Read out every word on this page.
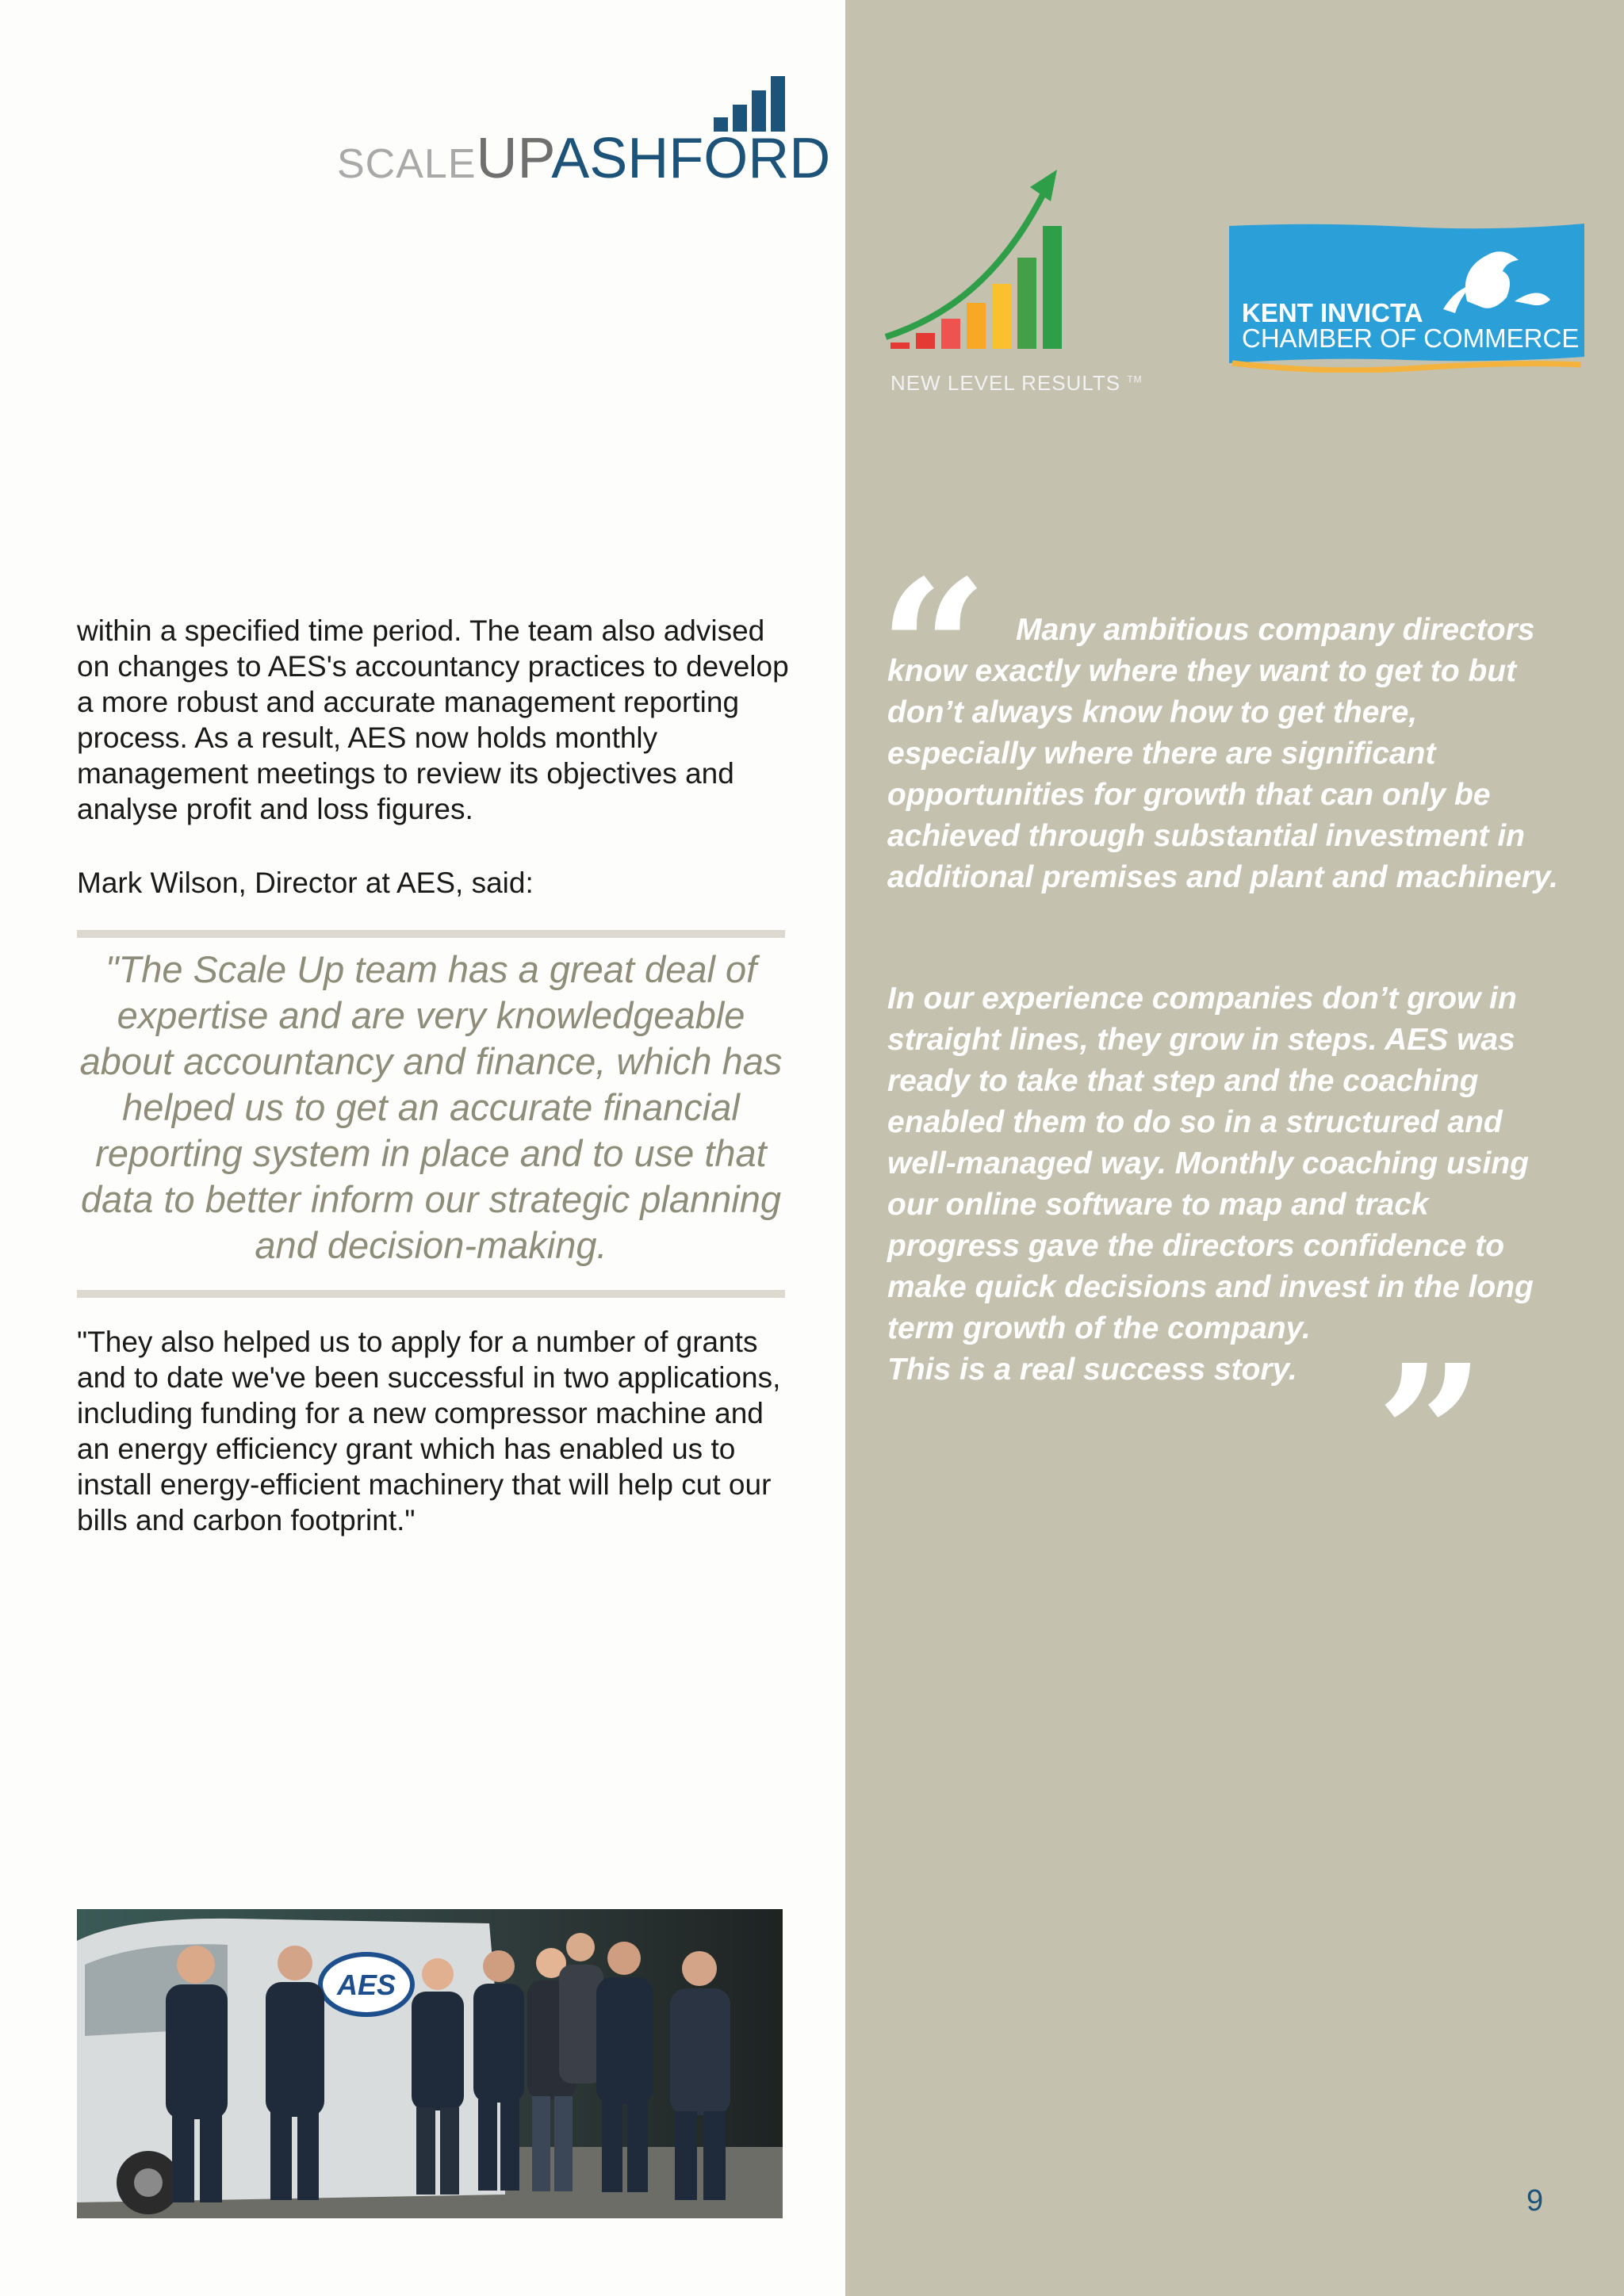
SCALEUPASHFORD
NEW LEVEL RESULTS ™
KENT INVICTA
CHAMBER OF COMMERCE

within a specified time period. The team also advised on changes to AES's accountancy practices to develop a more robust and accurate management reporting process. As a result, AES now holds monthly management meetings to review its objectives and analyse profit and loss figures.

Mark Wilson, Director at AES, said:

"The Scale Up team has a great deal of expertise and are very knowledgeable about accountancy and finance, which has helped us to get an accurate financial reporting system in place and to use that data to better inform our strategic planning and decision-making.

"They also helped us to apply for a number of grants and to date we've been successful in two applications, including funding for a new compressor machine and an energy efficiency grant which has enabled us to install energy-efficient machinery that will help cut our bills and carbon footprint."

“ Many ambitious company directors know exactly where they want to get to but don’t always know how to get there, especially where there are significant opportunities for growth that can only be achieved through substantial investment in additional premises and plant and machinery.

In our experience companies don’t grow in straight lines, they grow in steps. AES was ready to take that step and the coaching enabled them to do so in a structured and well-managed way. Monthly coaching using our online software to map and track progress gave the directors confidence to make quick decisions and invest in the long term growth of the company.
This is a real success story. ”
AES
9
